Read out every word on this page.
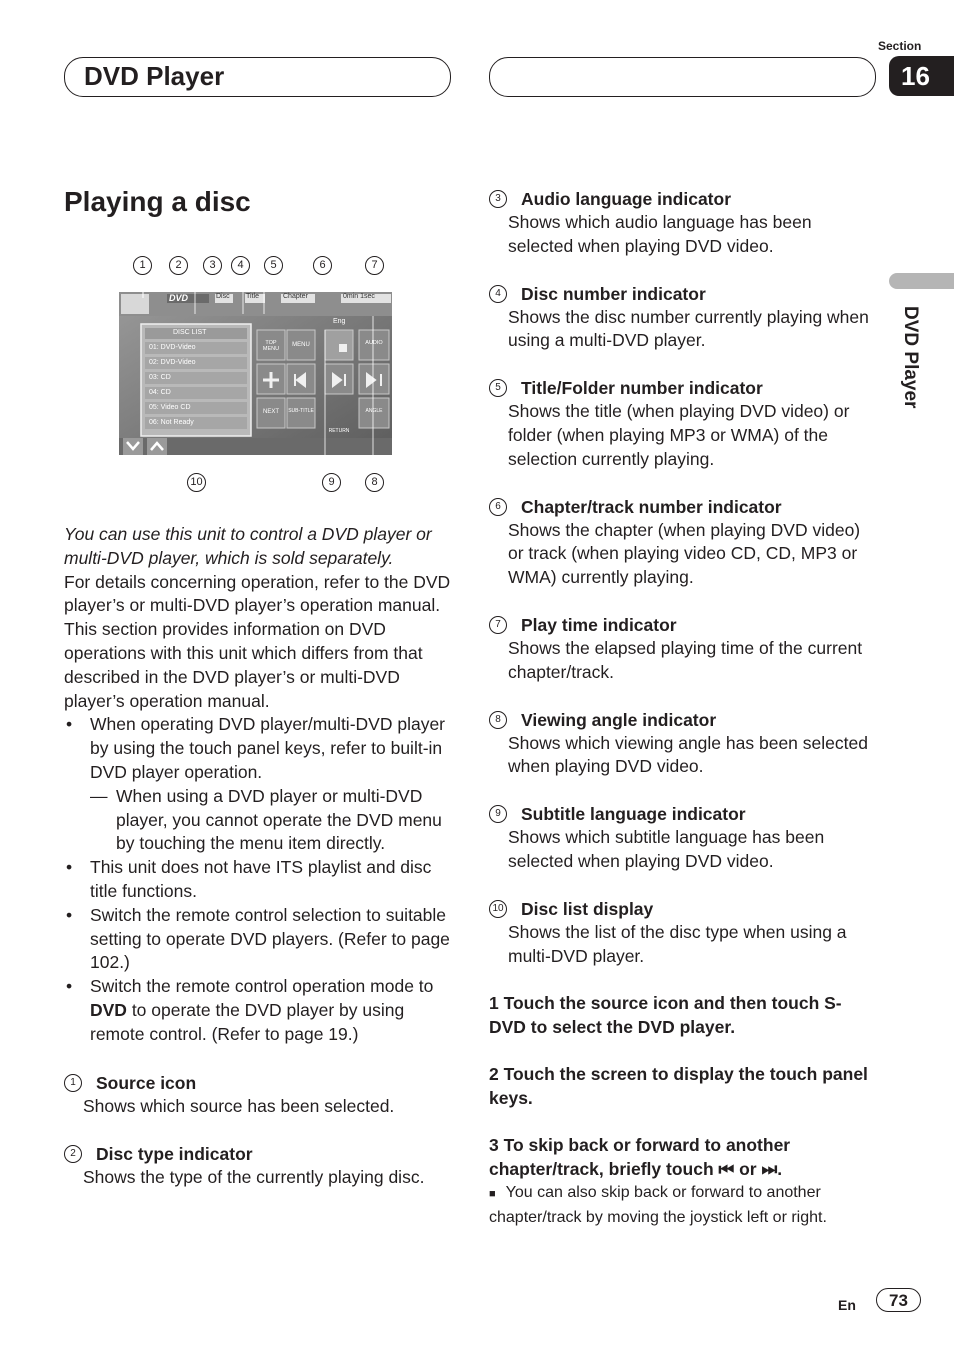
DVD Player
Section
16
DVD Player
Playing a disc
1	2	3	4	5	6	7
DVD	Disc Title	Chapter	0min 1sec
Eng
DISC LIST
01: DVD-Video
02: DVD-Video
03: CD
04: CD
05: Video CD
06: Not Ready
TOP MENU
MENU	AUDIO
SUB-TITLE	ANGLE
RETURN
NEXT
10	9	8

You can use this unit to control a DVD player or multi-DVD player, which is sold separately.

For details concerning operation, refer to the DVD player’s or multi-DVD player’s operation manual. This section provides information on DVD operations with this unit which differs from that described in the DVD player’s or multi-DVD player’s operation manual.

• When operating DVD player/multi-DVD player by using the touch panel keys, refer to built-in DVD player operation.

— When using a DVD player or multi-DVD player, you cannot operate the DVD menu by touching the menu item directly.

• This unit does not have ITS playlist and disc title functions.

• Switch the remote control selection to suitable setting to operate DVD players. (Refer to page 102.)

• Switch the remote control operation mode to DVD to operate the DVD player by using remote control. (Refer to page 19.)

1	Source icon
Shows which source has been selected.
2	Disc type indicator
Shows the type of the currently playing disc.
3	Audio language indicator
Shows which audio language has been selected when playing DVD video.
4	Disc number indicator
Shows the disc number currently playing when using a multi-DVD player.
5	Title/Folder number indicator
Shows the title (when playing DVD video) or folder (when playing MP3 or WMA) of the selection currently playing.
6	Chapter/track number indicator
Shows the chapter (when playing DVD video) or track (when playing video CD, CD, MP3 or WMA) currently playing.
7	Play time indicator
Shows the elapsed playing time of the current chapter/track.
8	Viewing angle indicator
Shows which viewing angle has been selected when playing DVD video.
9	Subtitle language indicator
Shows which subtitle language has been selected when playing DVD video.
10 Disc list display
Shows the list of the disc type when using a multi-DVD player.

1 Touch the source icon and then touch S-DVD to select the DVD player.

2 Touch the screen to display the touch panel keys.

3 To skip back or forward to another chapter/track, briefly touch ⏮ or ⏭.

■ You can also skip back or forward to another chapter/track by moving the joystick left or right.

En	73
